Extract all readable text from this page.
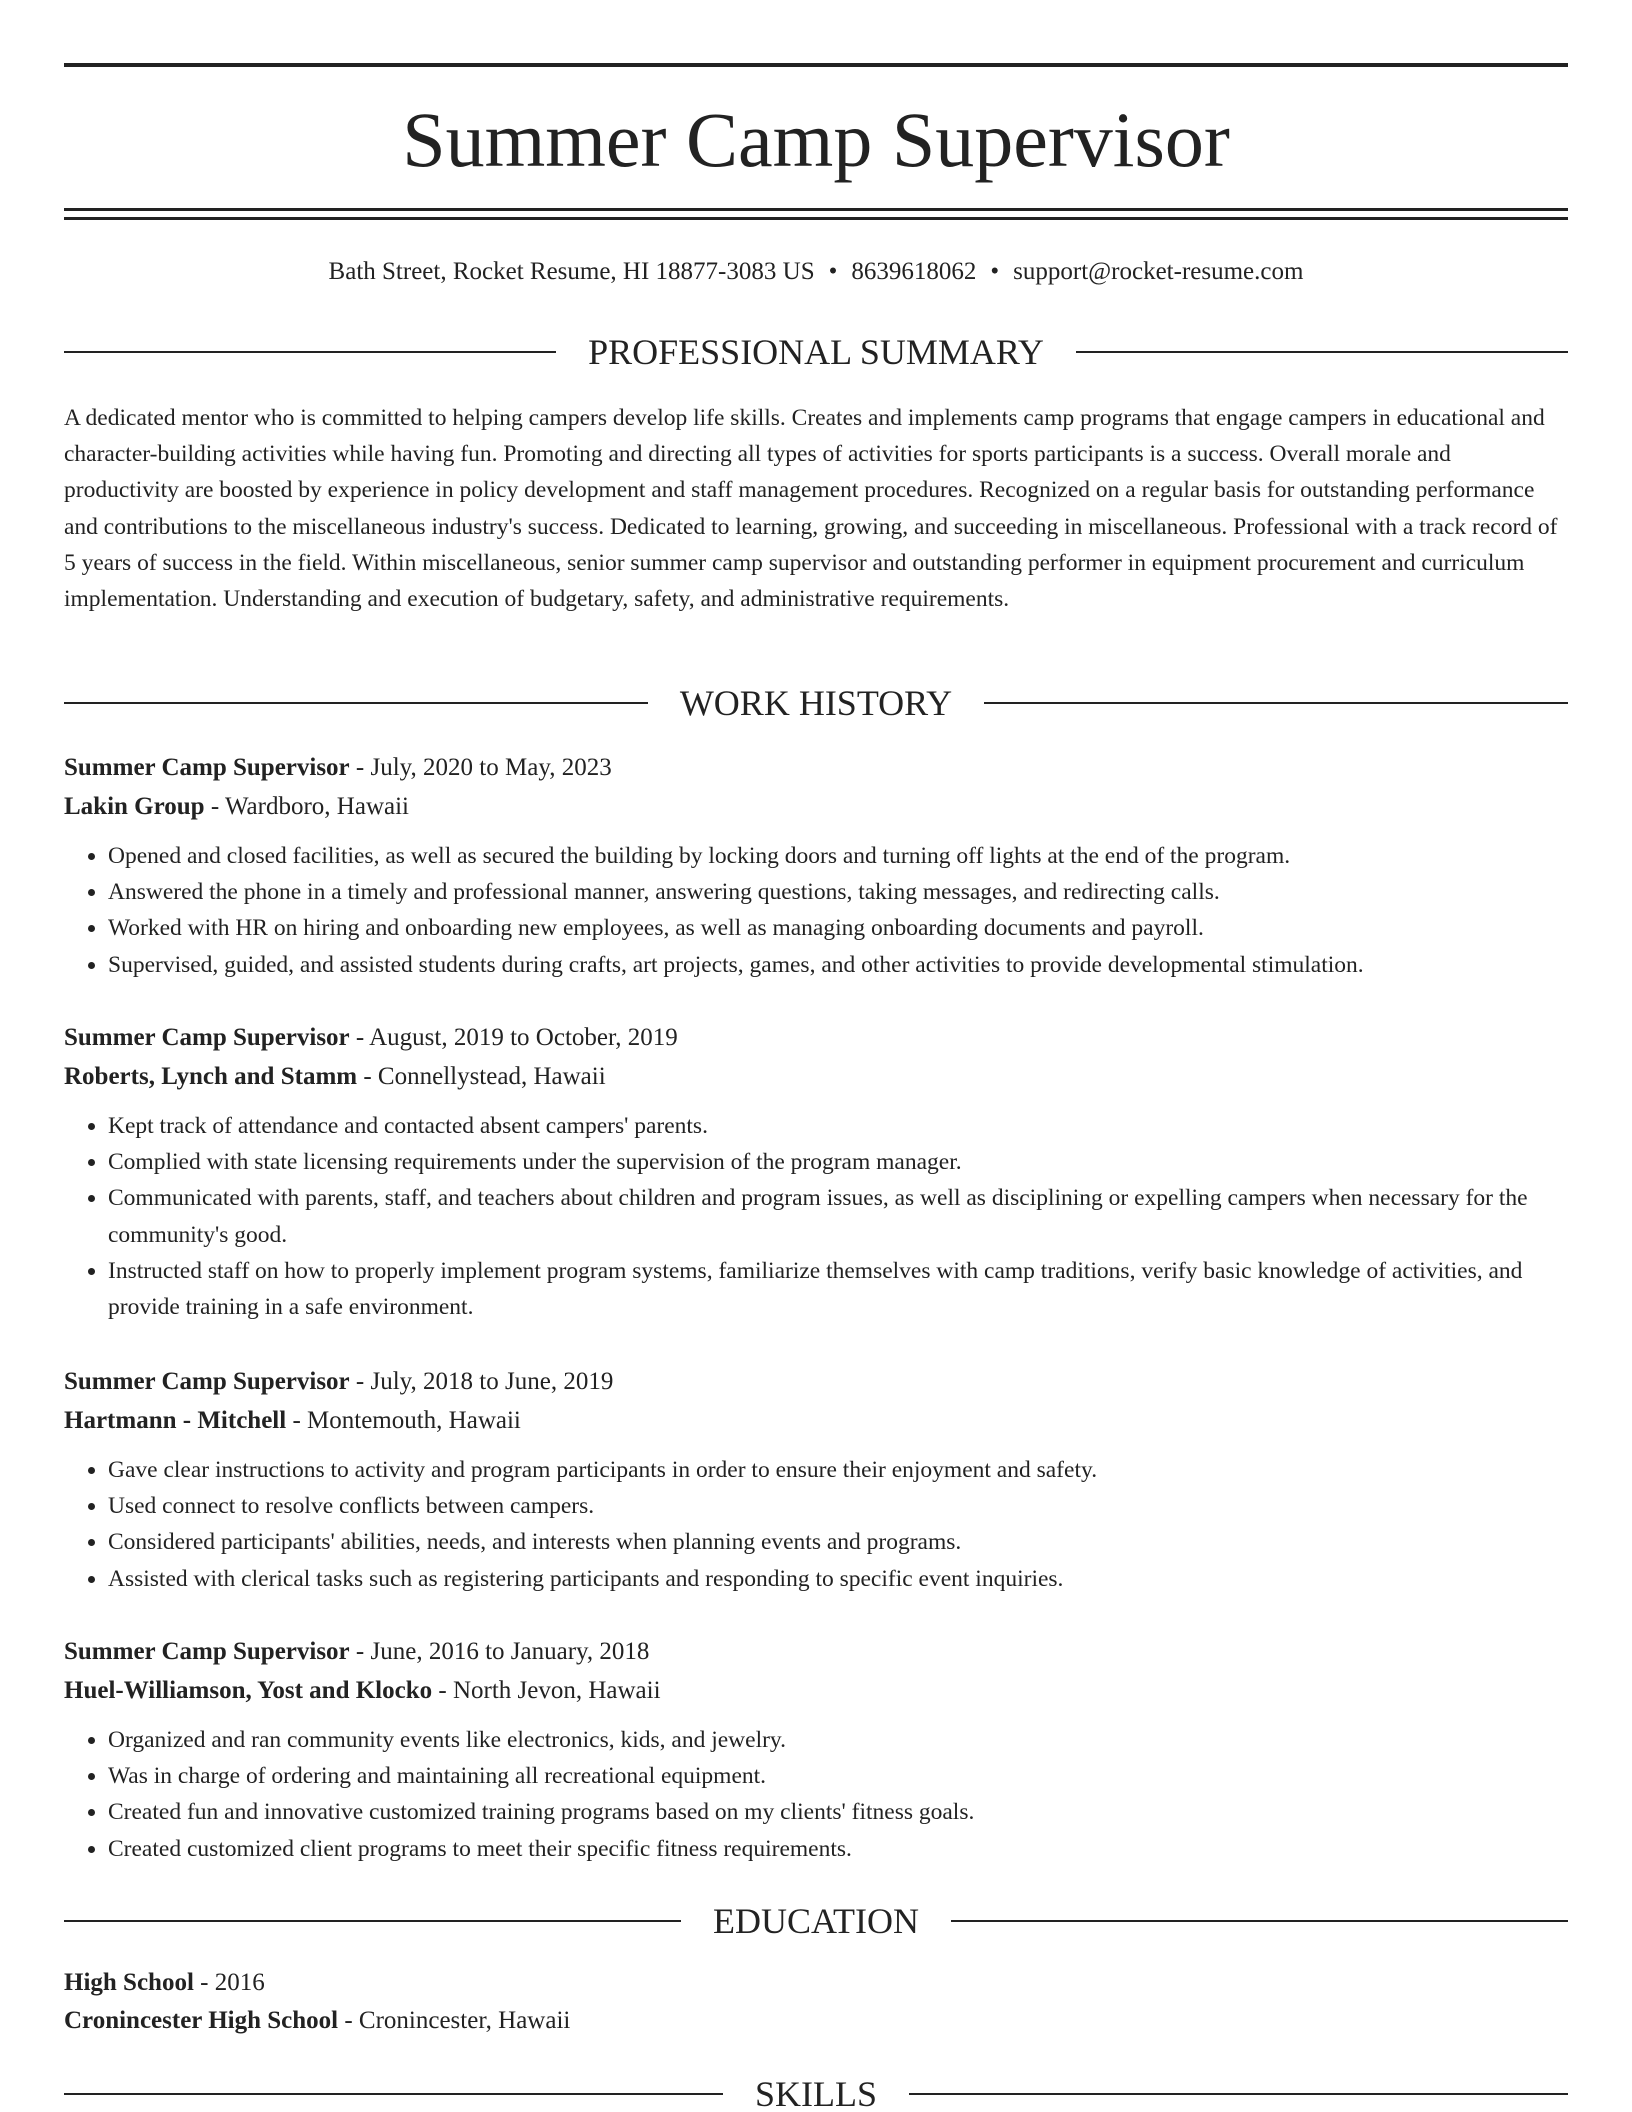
Summer Camp Supervisor
Bath Street, Rocket Resume, HI 18877-3083 US • 8639618062 • support@rocket-resume.com
PROFESSIONAL SUMMARY

A dedicated mentor who is committed to helping campers develop life skills. Creates and implements camp programs that engage campers in educational and character-building activities while having fun. Promoting and directing all types of activities for sports participants is a success. Overall morale and productivity are boosted by experience in policy development and staff management procedures. Recognized on a regular basis for outstanding performance and contributions to the miscellaneous industry's success. Dedicated to learning, growing, and succeeding in miscellaneous. Professional with a track record of 5 years of success in the field. Within miscellaneous, senior summer camp supervisor and outstanding performer in equipment procurement and curriculum implementation. Understanding and execution of budgetary, safety, and administrative requirements.

WORK HISTORY
Summer Camp Supervisor - July, 2020 to May, 2023
Lakin Group - Wardboro, Hawaii
• Opened and closed facilities, as well as secured the building by locking doors and turning off lights at the end of the program.
• Answered the phone in a timely and professional manner, answering questions, taking messages, and redirecting calls.
• Worked with HR on hiring and onboarding new employees, as well as managing onboarding documents and payroll.
• Supervised, guided, and assisted students during crafts, art projects, games, and other activities to provide developmental stimulation.
Summer Camp Supervisor - August, 2019 to October, 2019
Roberts, Lynch and Stamm - Connellystead, Hawaii
• Kept track of attendance and contacted absent campers' parents.
• Complied with state licensing requirements under the supervision of the program manager.
• Communicated with parents, staff, and teachers about children and program issues, as well as disciplining or expelling campers when necessary for the community's good.
• Instructed staff on how to properly implement program systems, familiarize themselves with camp traditions, verify basic knowledge of activities, and provide training in a safe environment.
Summer Camp Supervisor - July, 2018 to June, 2019
Hartmann - Mitchell - Montemouth, Hawaii
• Gave clear instructions to activity and program participants in order to ensure their enjoyment and safety.
• Used connect to resolve conflicts between campers.
• Considered participants' abilities, needs, and interests when planning events and programs.
• Assisted with clerical tasks such as registering participants and responding to specific event inquiries.
Summer Camp Supervisor - June, 2016 to January, 2018
Huel-Williamson, Yost and Klocko - North Jevon, Hawaii
• Organized and ran community events like electronics, kids, and jewelry.
• Was in charge of ordering and maintaining all recreational equipment.
• Created fun and innovative customized training programs based on my clients' fitness goals.
• Created customized client programs to meet their specific fitness requirements.
EDUCATION
High School - 2016
Cronincester High School - Cronincester, Hawaii
SKILLS
